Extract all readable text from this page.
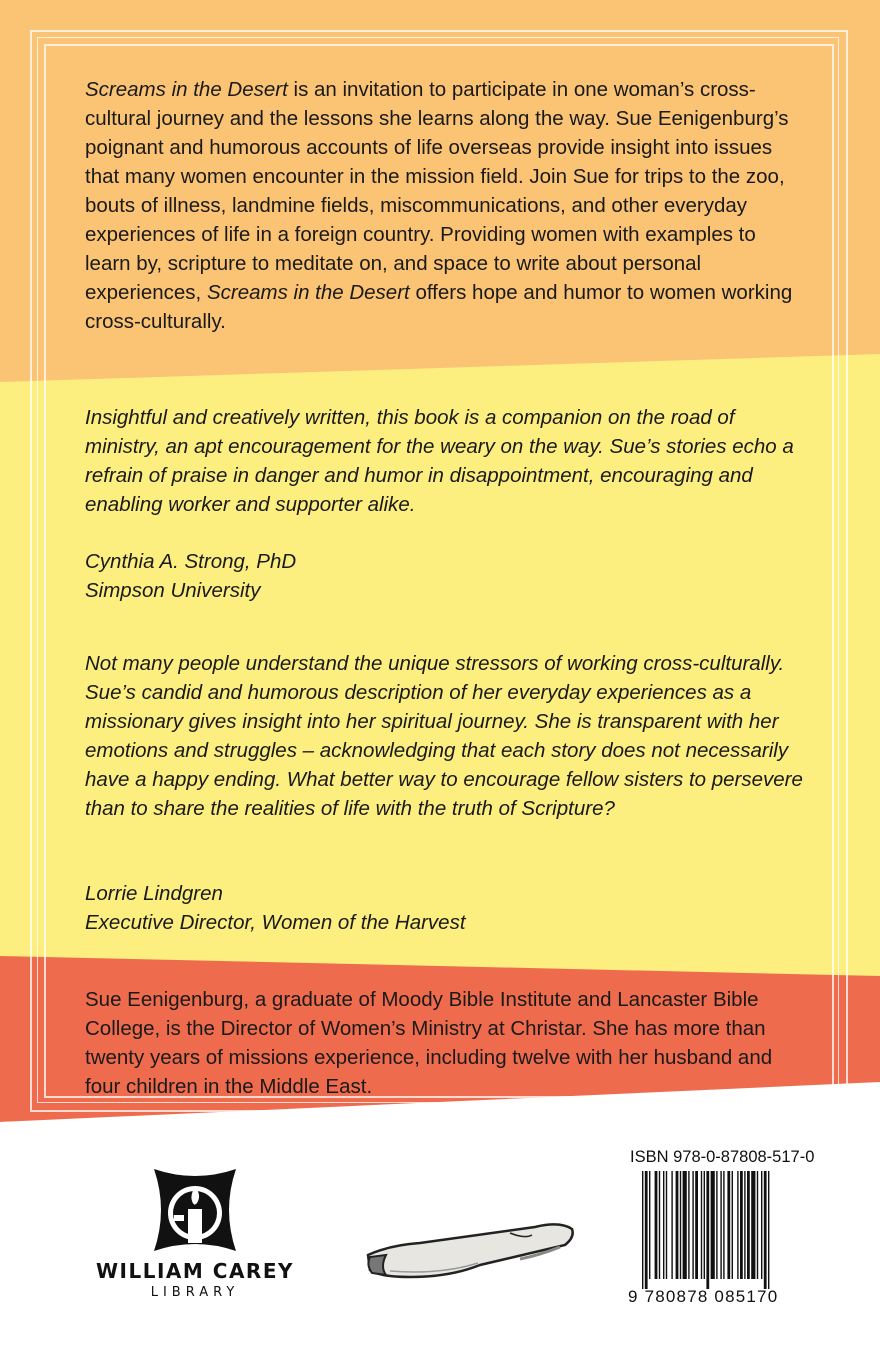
Screams in the Desert is an invitation to participate in one woman’s cross-cultural journey and the lessons she learns along the way. Sue Eenigenburg’s poignant and humorous accounts of life overseas provide insight into issues that many women encounter in the mission field. Join Sue for trips to the zoo, bouts of illness, landmine fields, miscommunications, and other everyday experiences of life in a foreign country. Providing women with examples to learn by, scripture to meditate on, and space to write about personal experiences, Screams in the Desert offers hope and humor to women working cross-culturally.

Insightful and creatively written, this book is a companion on the road of ministry, an apt encouragement for the weary on the way. Sue’s stories echo a refrain of praise in danger and humor in disappointment, encouraging and enabling worker and supporter alike.

Cynthia A. Strong, PhD

Simpson University

Not many people understand the unique stressors of working cross-culturally. Sue’s candid and humorous description of her everyday experiences as a missionary gives insight into her spiritual journey. She is transparent with her emotions and struggles – acknowledging that each story does not necessarily have a happy ending. What better way to encourage fellow sisters to persevere than to share the realities of life with the truth of Scripture?

Lorrie Lindgren

Executive Director, Women of the Harvest

Sue Eenigenburg, a graduate of Moody Bible Institute and Lancaster Bible College, is the Director of Women’s Ministry at Christar. She has more than twenty years of missions experience, including twelve with her husband and four children in the Middle East.

WILLIAM CAREY
LIBRARY
ISBN 978-0-87808-517-0
9 780878 085170
